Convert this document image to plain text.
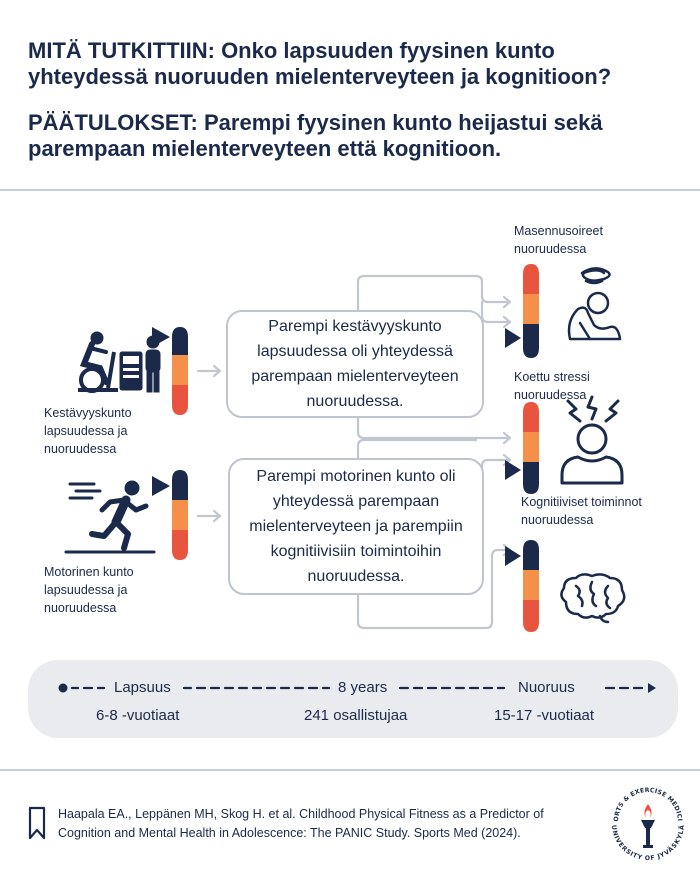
MITÄ TUTKITTIIN: Onko lapsuuden fyysinen kunto yhteydessä nuoruuden mielenterveyteen ja kognitioon?
PÄÄTULOKSET: Parempi fyysinen kunto heijastui sekä parempaan mielenterveyteen että kognitioon.
Parempi kestävyyskunto lapsuudessa oli yhteydessä parempaan mielenterveyteen nuoruudessa.
Parempi motorinen kunto oli yhteydessä parempaan mielenterveyteen ja parempiin kognitiivisiin toimintoihin nuoruudessa.
Kestävyyskunto lapsuudessa ja nuoruudessa
Motorinen kunto lapsuudessa ja nuoruudessa
Masennusoireet nuoruudessa
Koettu stressi nuoruudessa
Kognitiiviset toiminnot nuoruudessa
Lapsuus	8 years	Nuoruus
6-8 -vuotiaat	241 osallistujaa	15-17 -vuotiaat
Haapala EA., Leppänen MH, Skog H. et al. Childhood Physical Fitness as a Predictor of Cognition and Mental Health in Adolescence: The PANIC Study. Sports Med (2024).
SPORTS & EXERCISE MEDICINE
UNIVERSITY OF JYVÄSKYLÄ
